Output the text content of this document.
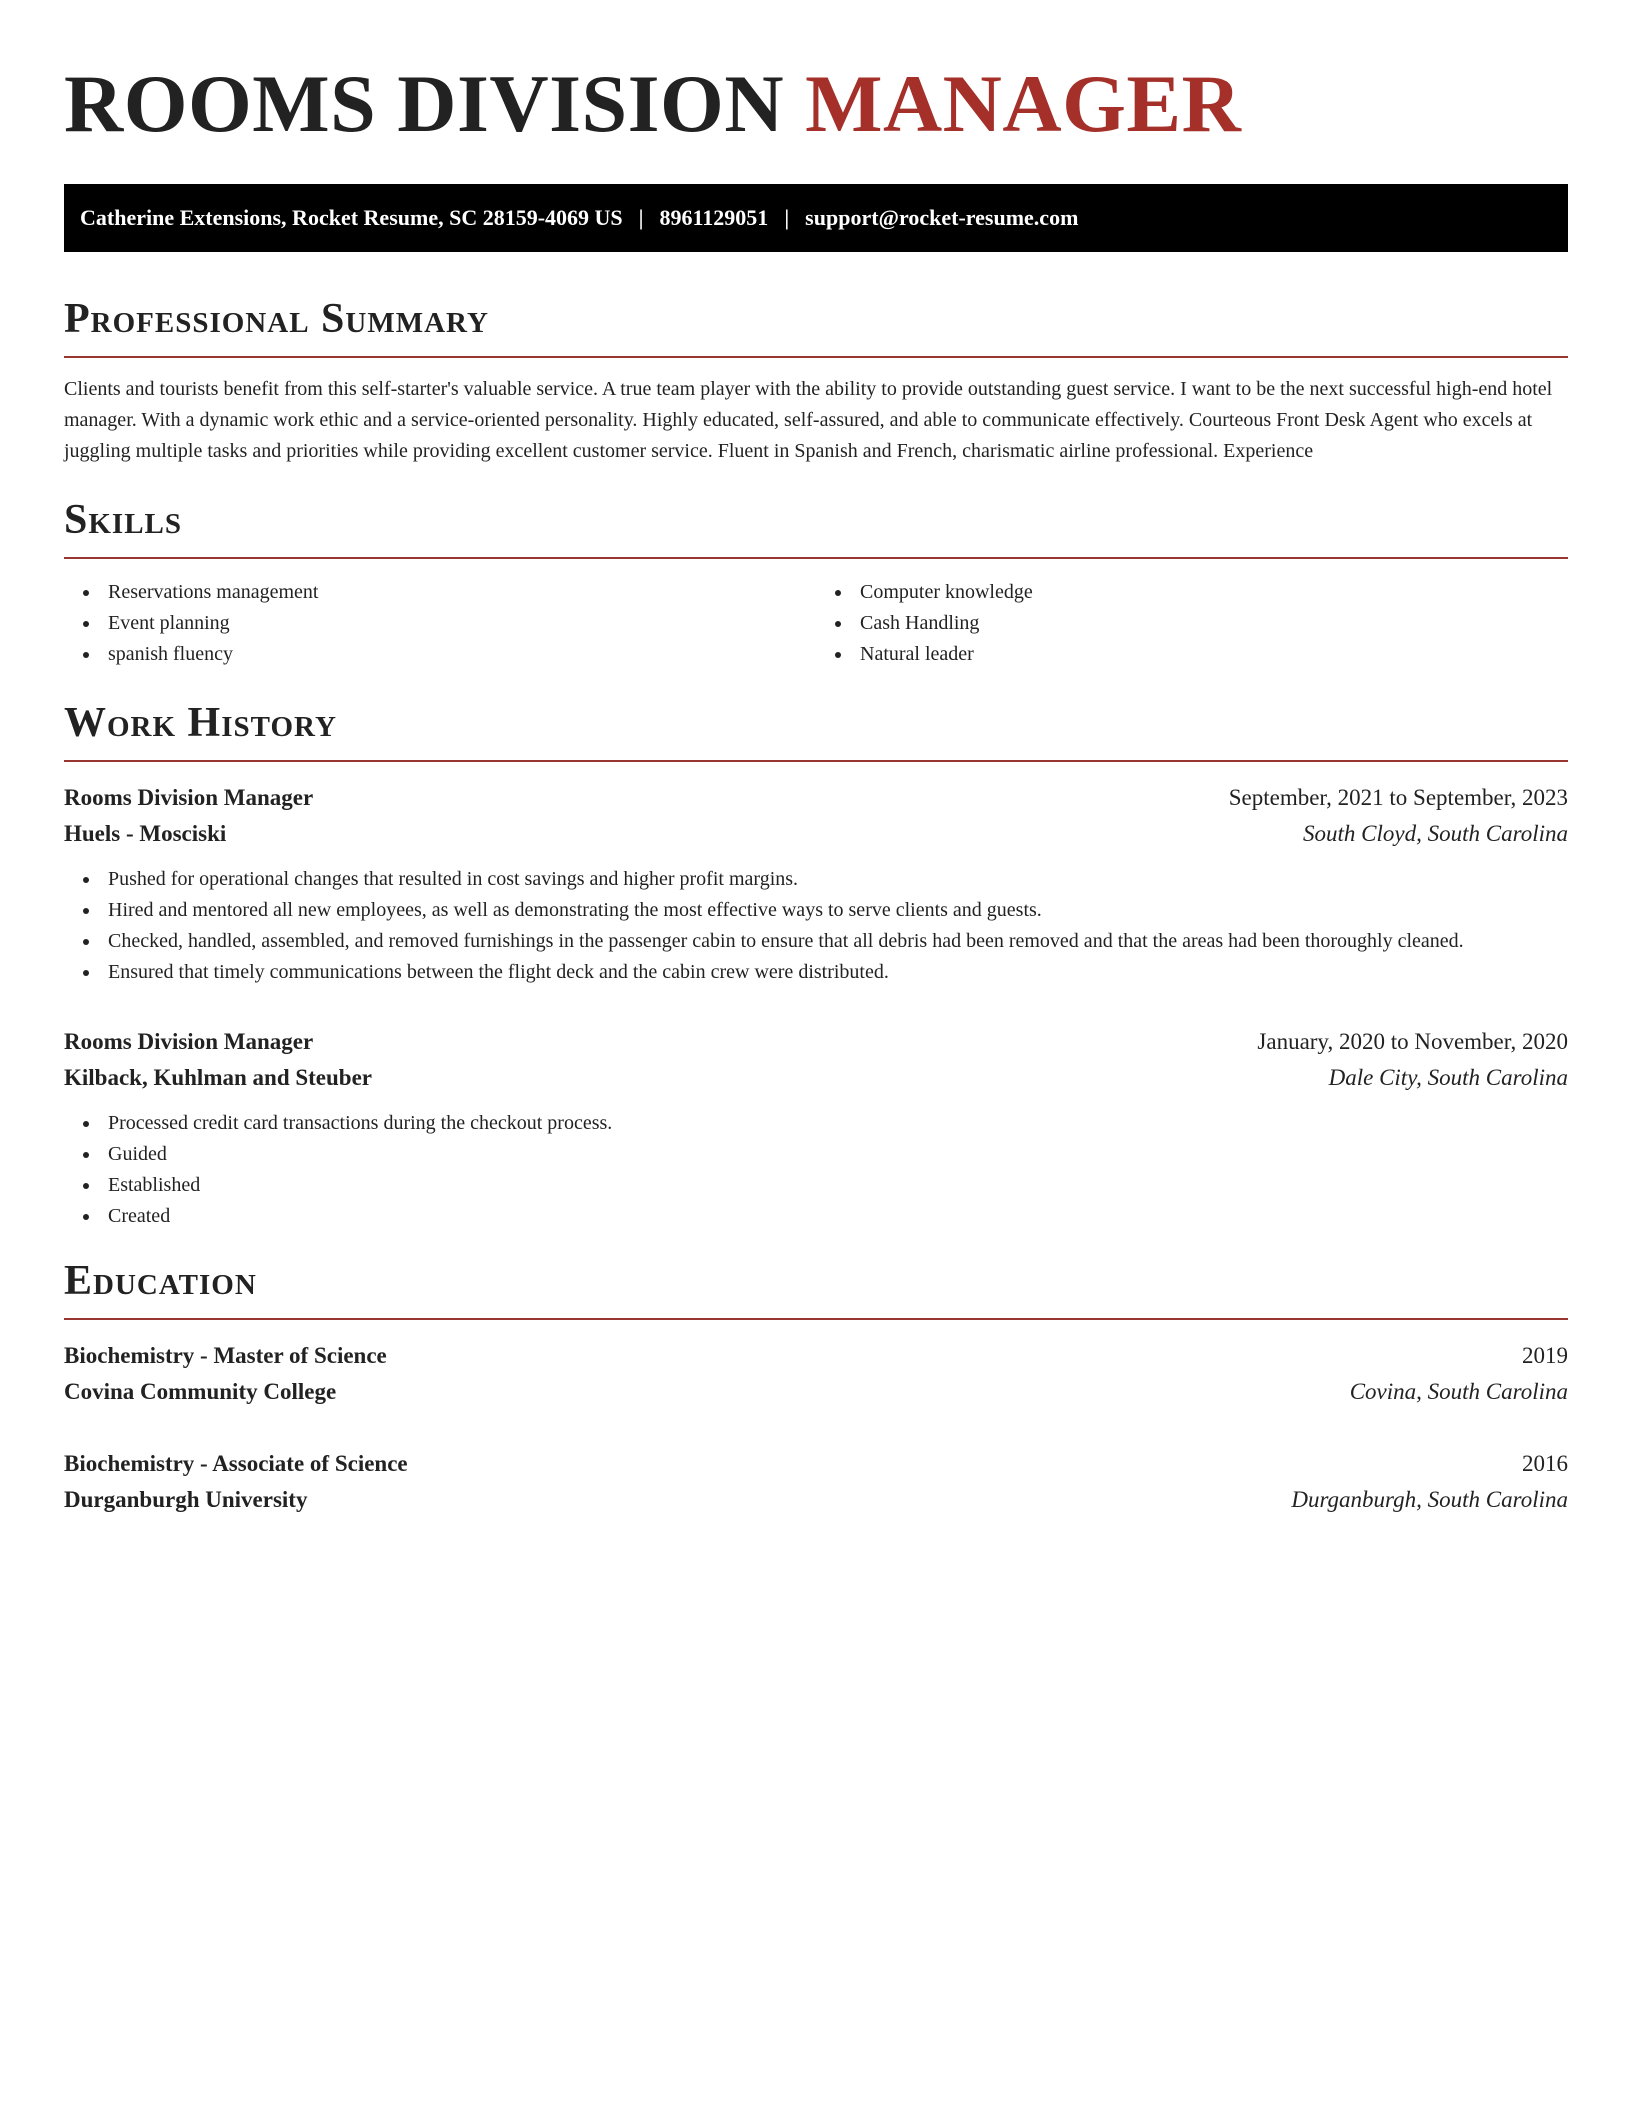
ROOMS DIVISION MANAGER
Catherine Extensions, Rocket Resume, SC 28159-4069 US | 8961129051 | support@rocket-resume.com
Professional Summary

Clients and tourists benefit from this self-starter's valuable service. A true team player with the ability to provide outstanding guest service. I want to be the next successful high-end hotel manager. With a dynamic work ethic and a service-oriented personality. Highly educated, self-assured, and able to communicate effectively. Courteous Front Desk Agent who excels at juggling multiple tasks and priorities while providing excellent customer service. Fluent in Spanish and French, charismatic airline professional. Experience

Skills
Reservations management
Event planning
spanish fluency
Computer knowledge
Cash Handling
Natural leader
Work History
Rooms Division Manager	September, 2021 to September, 2023
Huels - Mosciski	South Cloyd, South Carolina
Pushed for operational changes that resulted in cost savings and higher profit margins.
Hired and mentored all new employees, as well as demonstrating the most effective ways to serve clients and guests.
Checked, handled, assembled, and removed furnishings in the passenger cabin to ensure that all debris had been removed and that the areas had been thoroughly cleaned.
Ensured that timely communications between the flight deck and the cabin crew were distributed.
Rooms Division Manager	January, 2020 to November, 2020
Kilback, Kuhlman and Steuber	Dale City, South Carolina
Processed credit card transactions during the checkout process.
Guided
Established
Created
Education
Biochemistry - Master of Science	2019
Covina Community College	Covina, South Carolina
Biochemistry - Associate of Science	2016
Durganburgh University	Durganburgh, South Carolina
